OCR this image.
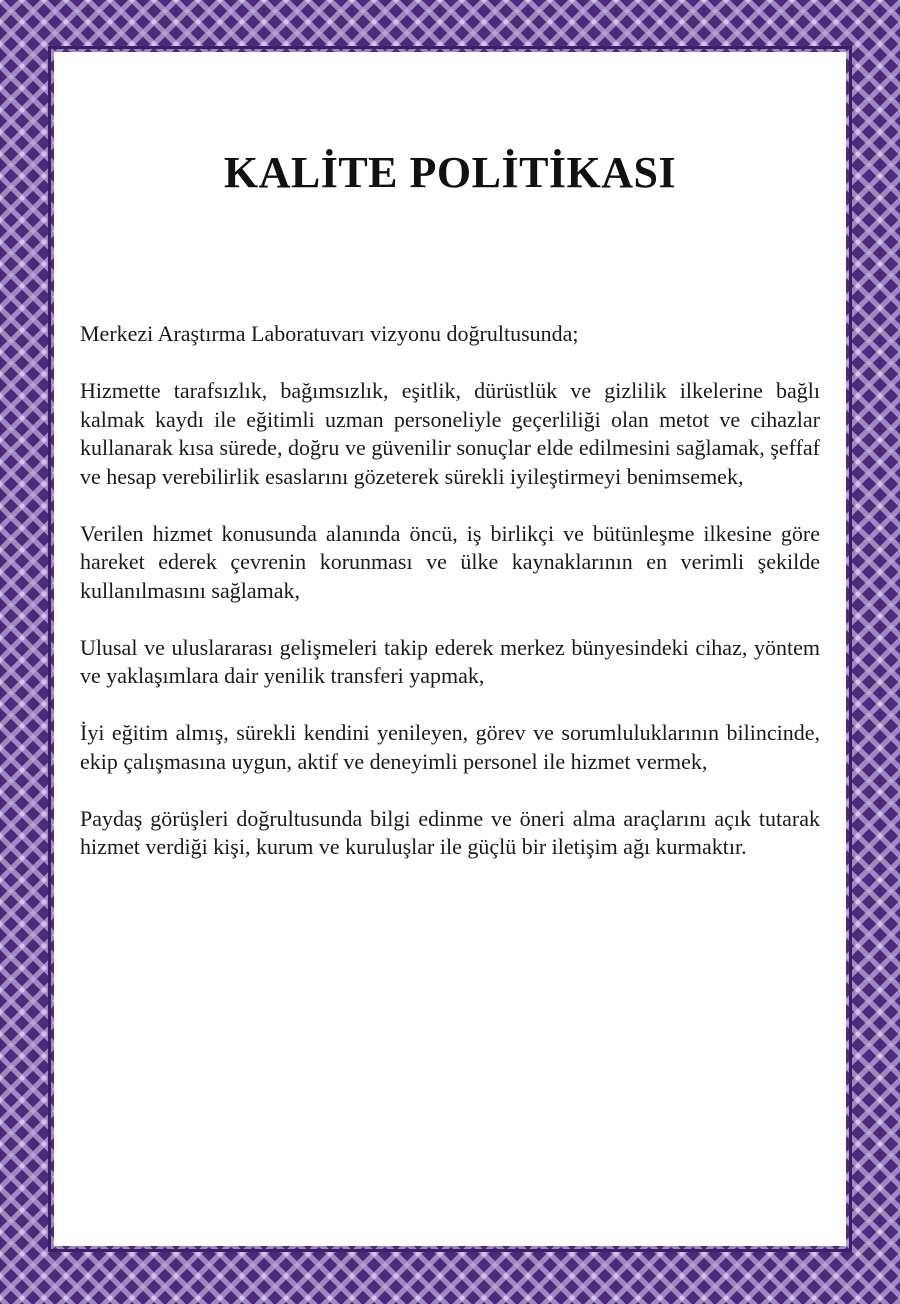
KALİTE POLİTİKASI

Merkezi Araştırma Laboratuvarı vizyonu doğrultusunda;

Hizmette tarafsızlık, bağımsızlık, eşitlik, dürüstlük ve gizlilik ilkelerine bağlı kalmak kaydı ile eğitimli uzman personeliyle geçerliliği olan metot ve cihazlar kullanarak kısa sürede, doğru ve güvenilir sonuçlar elde edilmesini sağlamak, şeffaf ve hesap verebilirlik esaslarını gözeterek sürekli iyileştirmeyi benimsemek,

Verilen hizmet konusunda alanında öncü, iş birlikçi ve bütünleşme ilkesine göre hareket ederek çevrenin korunması ve ülke kaynaklarının en verimli şekilde kullanılmasını sağlamak,

Ulusal ve uluslararası gelişmeleri takip ederek merkez bünyesindeki cihaz, yöntem ve yaklaşımlara dair yenilik transferi yapmak,

İyi eğitim almış, sürekli kendini yenileyen, görev ve sorumluluklarının bilincinde, ekip çalışmasına uygun, aktif ve deneyimli personel ile hizmet vermek,

Paydaş görüşleri doğrultusunda bilgi edinme ve öneri alma araçlarını açık tutarak hizmet verdiği kişi, kurum ve kuruluşlar ile güçlü bir iletişim ağı kurmaktır.
